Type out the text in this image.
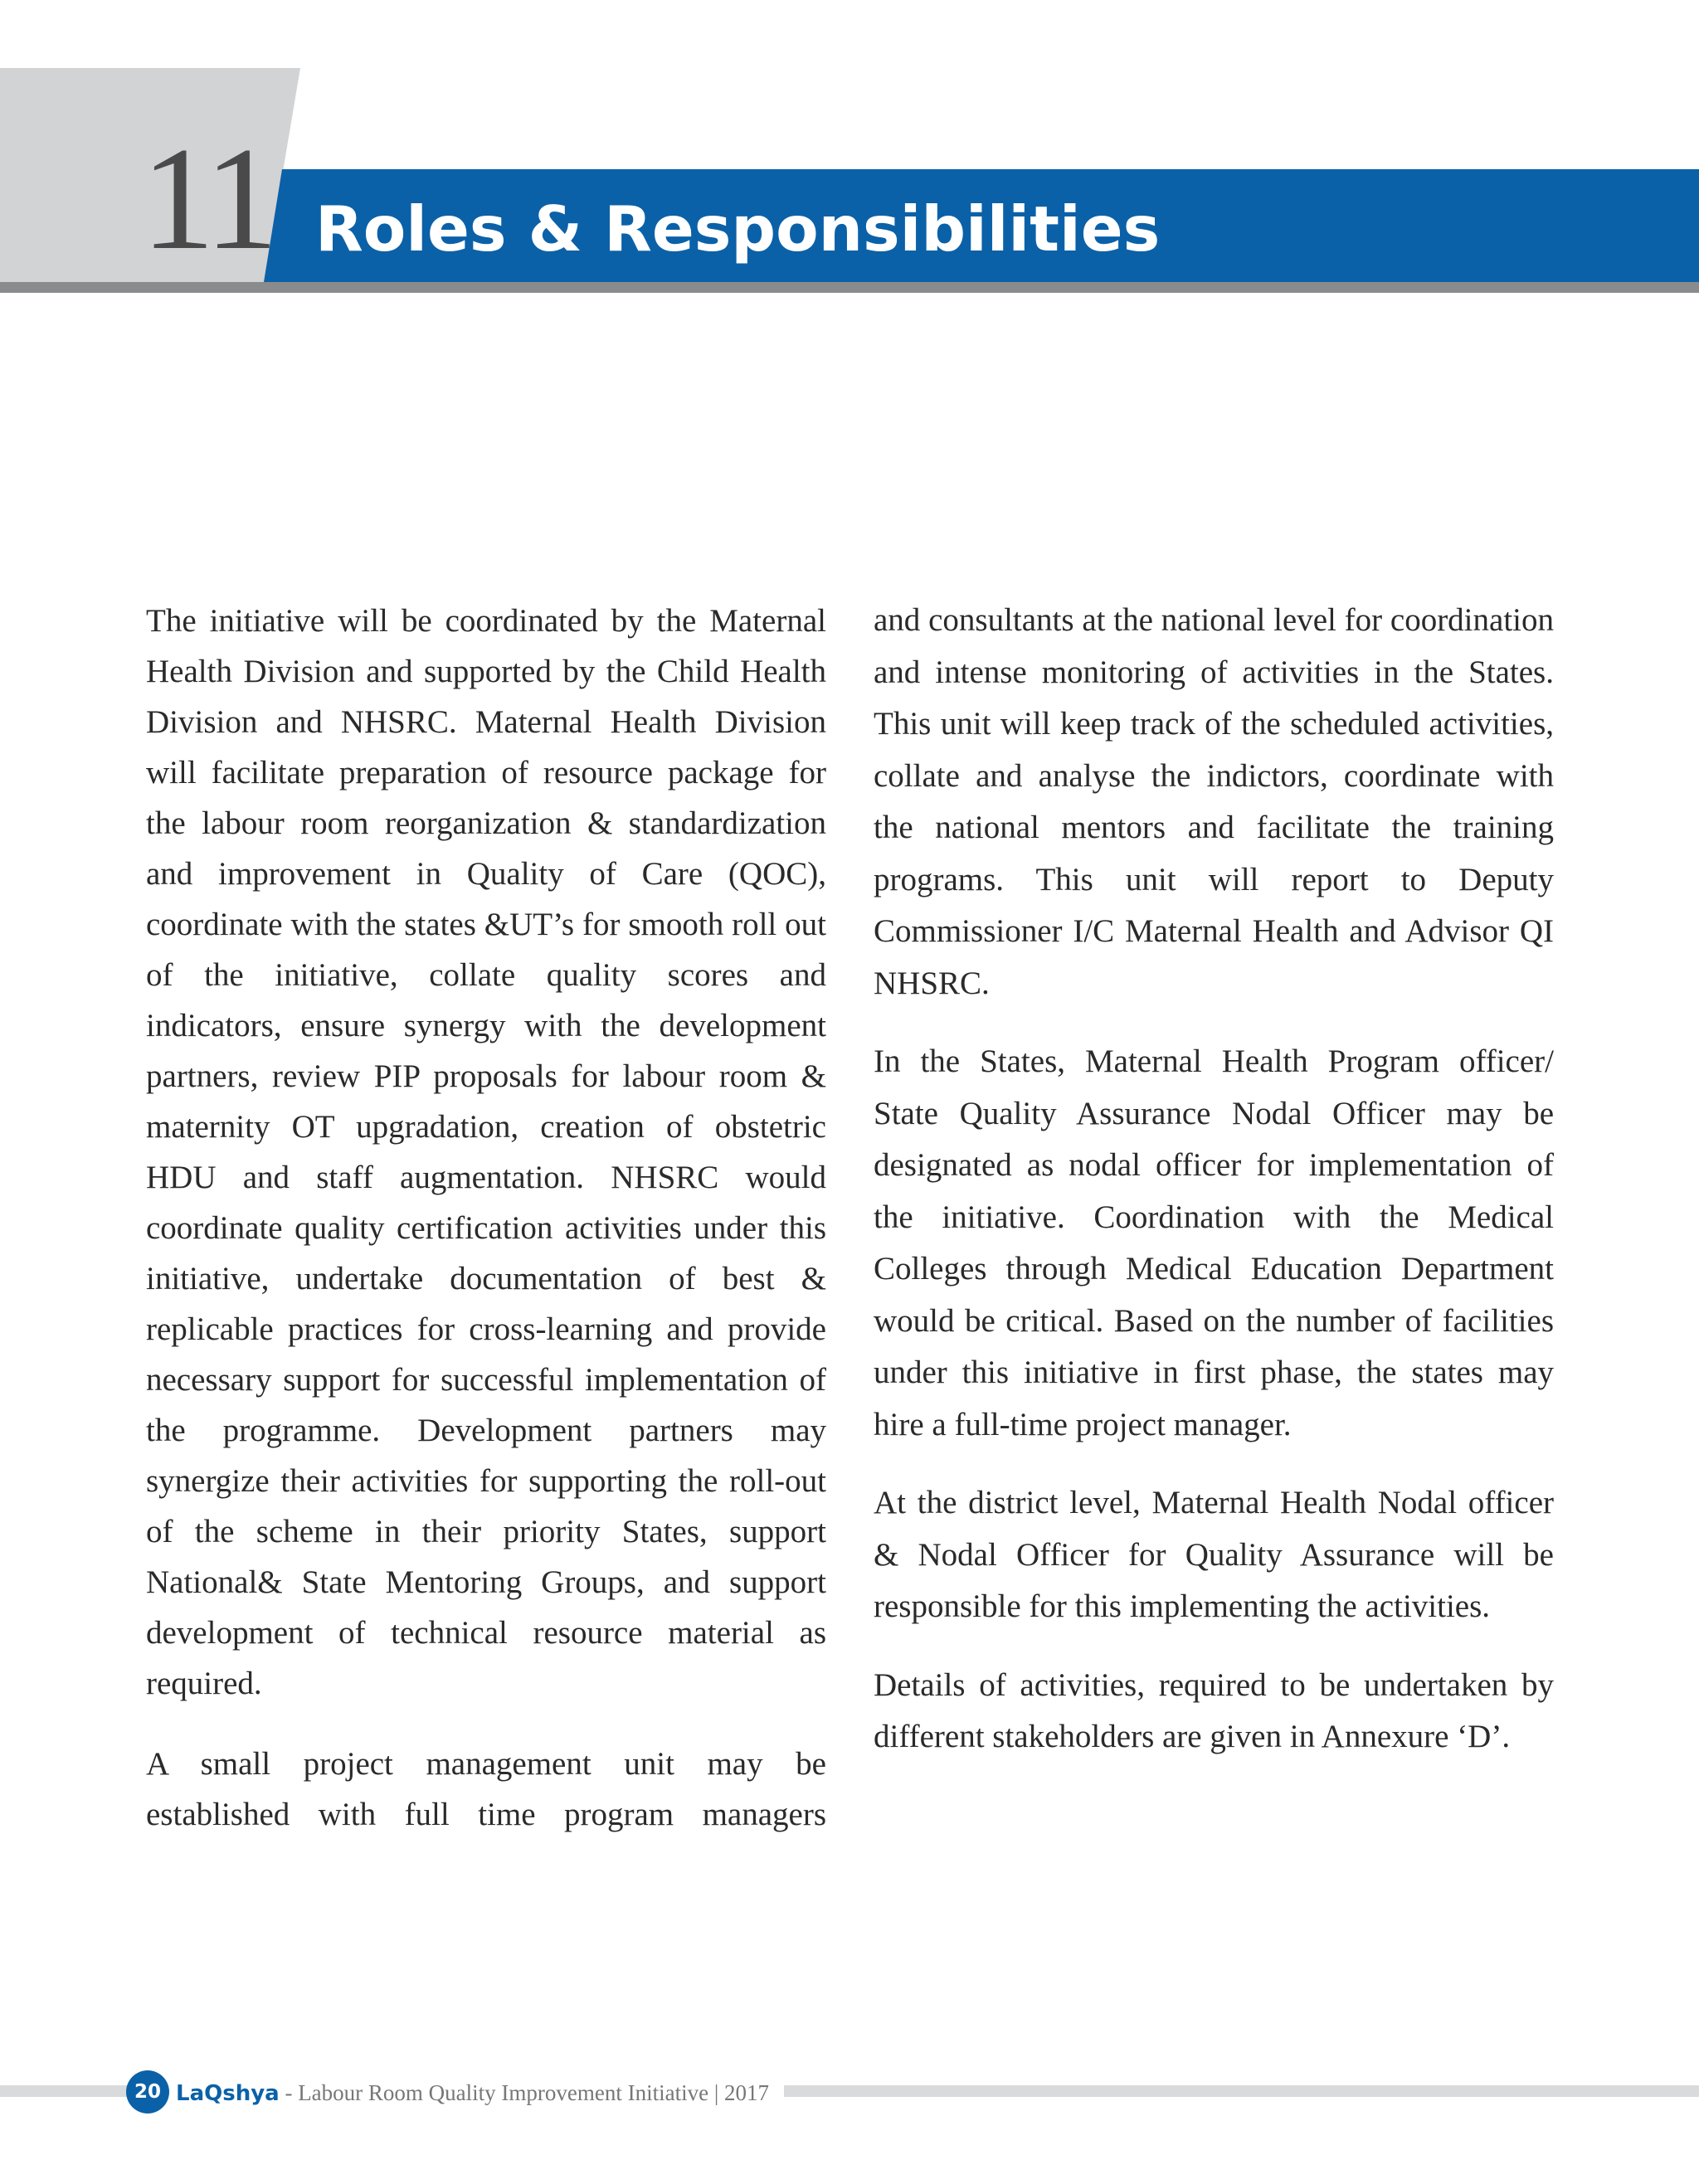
11 Roles & Responsibilities

The initiative will be coordinated by the Maternal Health Division and supported by the Child Health Division and NHSRC. Maternal Health Division will facilitate preparation of resource package for the labour room reorganization & standardization and improvement in Quality of Care (QOC), coordinate with the states &UT’s for smooth roll out of the initiative, collate quality scores and indicators, ensure synergy with the development partners, review PIP proposals for labour room & maternity OT upgradation, creation of obstetric HDU and staff augmentation. NHSRC would coordinate quality certification activities under this initiative, undertake documentation of best & replicable practices for cross-learning and provide necessary support for successful implementation of the programme. Development partners may synergize their activities for supporting the roll-out of the scheme in their priority States, support National& State Mentoring Groups, and support development of technical resource material as required.

A small project management unit may be established with full time program managers

and consultants at the national level for coordination and intense monitoring of activities in the States. This unit will keep track of the scheduled activities, collate and analyse the indictors, coordinate with the national mentors and facilitate the training programs. This unit will report to Deputy Commissioner I/C Maternal Health and Advisor QI NHSRC.

In the States, Maternal Health Program officer/ State Quality Assurance Nodal Officer may be designated as nodal officer for implementation of the initiative. Coordination with the Medical Colleges through Medical Education Department would be critical. Based on the number of facilities under this initiative in first phase, the states may hire a full-time project manager.

At the district level, Maternal Health Nodal officer & Nodal Officer for Quality Assurance will be responsible for this implementing the activities.

Details of activities, required to be undertaken by different stakeholders are given in Annexure ‘D’.

20 LaQshya - Labour Room Quality Improvement Initiative | 2017
